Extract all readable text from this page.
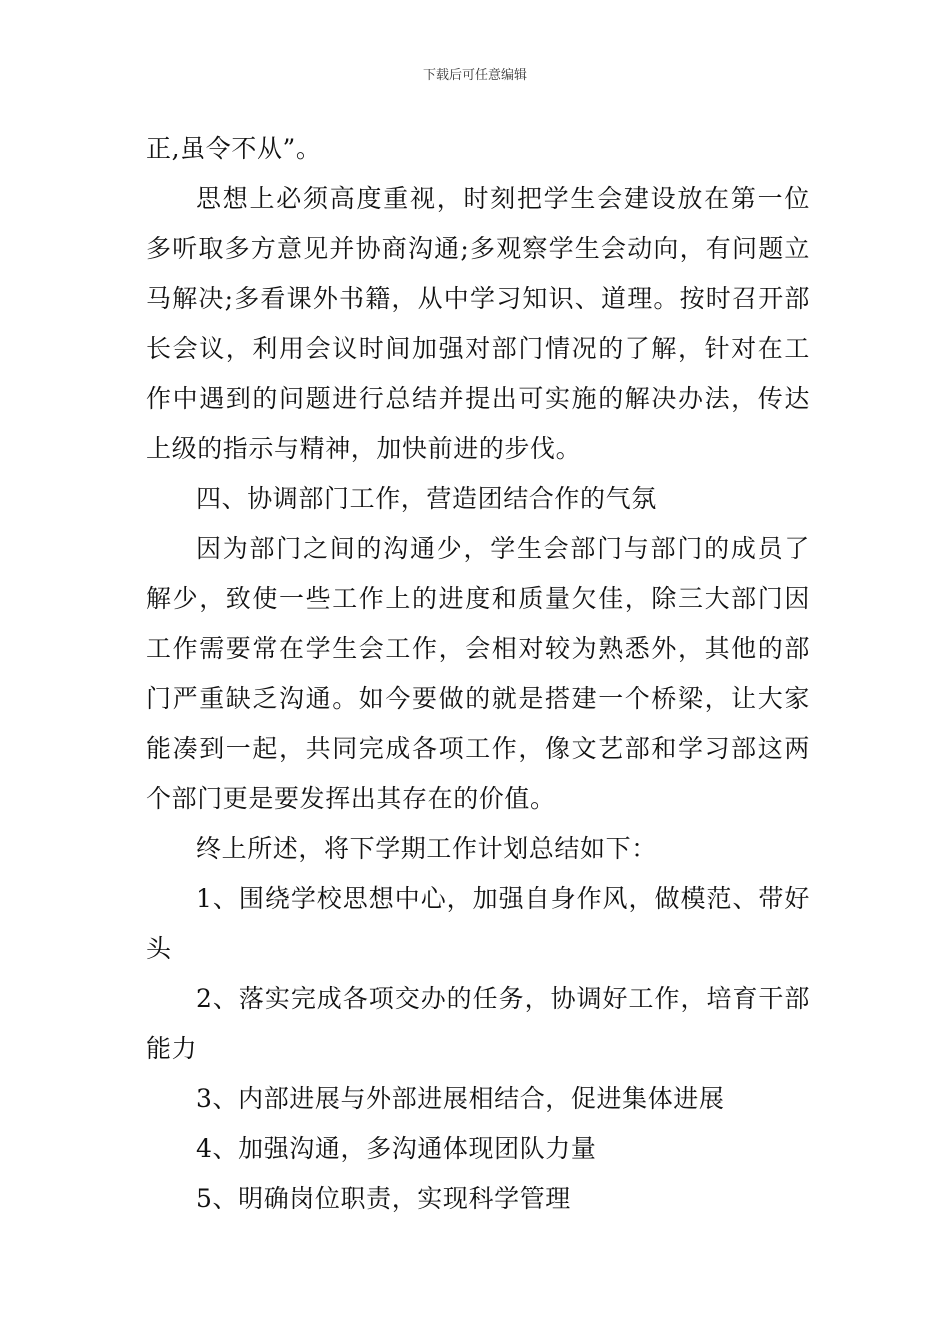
下载后可任意编辑

正,虽令不从”。

思想上必须高度重视，时刻把学生会建设放在第一位多听取多方意见并协商沟通;多观察学生会动向，有问题立马解决;多看课外书籍，从中学习知识、道理。按时召开部长会议，利用会议时间加强对部门情况的了解，针对在工作中遇到的问题进行总结并提出可实施的解决办法，传达上级的指示与精神，加快前进的步伐。

四、协调部门工作，营造团结合作的气氛

因为部门之间的沟通少，学生会部门与部门的成员了解少，致使一些工作上的进度和质量欠佳，除三大部门因工作需要常在学生会工作，会相对较为熟悉外，其他的部门严重缺乏沟通。如今要做的就是搭建一个桥梁，让大家能凑到一起，共同完成各项工作，像文艺部和学习部这两个部门更是要发挥出其存在的价值。

终上所述，将下学期工作计划总结如下：

1、围绕学校思想中心，加强自身作风，做模范、带好头

2、落实完成各项交办的任务，协调好工作，培育干部能力

3、内部进展与外部进展相结合，促进集体进展

4、加强沟通，多沟通体现团队力量

5、明确岗位职责，实现科学管理
